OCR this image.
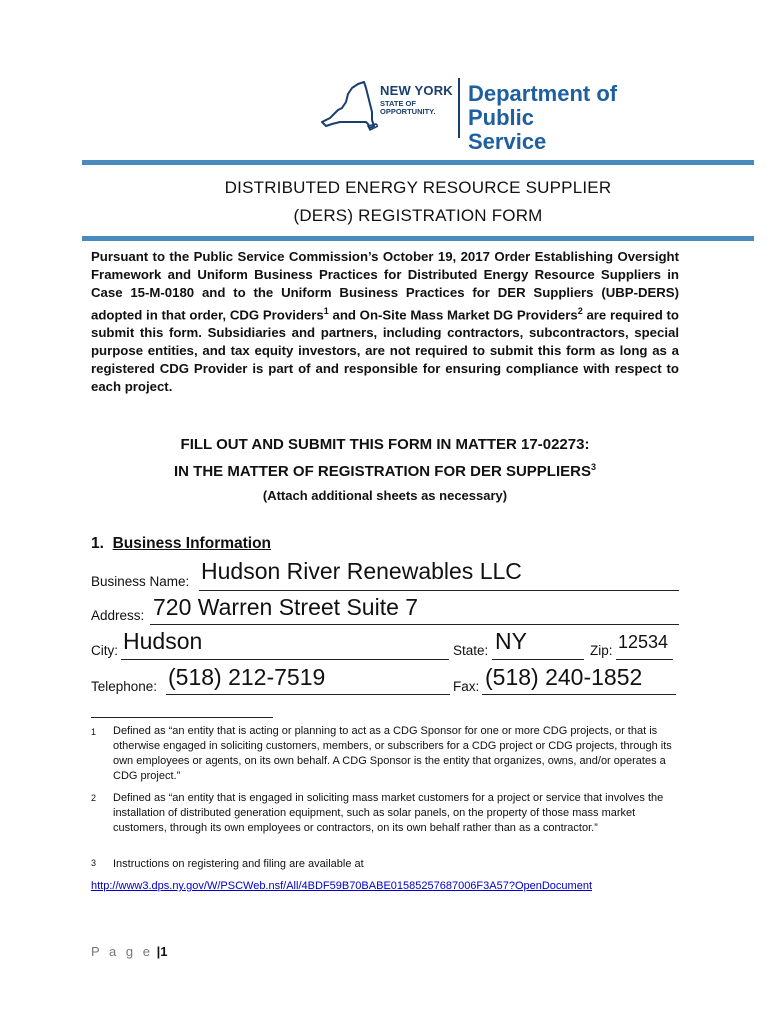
NEW YORK
STATE OF
OPPORTUNITY.
Department of
Public Service
DISTRIBUTED ENERGY RESOURCE SUPPLIER
(DERS) REGISTRATION FORM
Pursuant to the Public Service Commission’s October 19, 2017 Order Establishing Oversight Framework and Uniform Business Practices for Distributed Energy Resource Suppliers in Case 15-M-0180 and to the Uniform Business Practices for DER Suppliers (UBP-DERS) adopted in that order, CDG Providers$^1$ and On-Site Mass Market DG Providers$^2$ are required to submit this form. Subsidiaries and partners, including contractors, subcontractors, special purpose entities, and tax equity investors, are not required to submit this form as long as a registered CDG Provider is part of and responsible for ensuring compliance with respect to each project.
FILL OUT AND SUBMIT THIS FORM IN MATTER 17-02273:
IN THE MATTER OF REGISTRATION FOR DER SUPPLIERS$^3$
(Attach additional sheets as necessary)
1. Business Information
Business Name: Hudson River Renewables LLC
Address: 720 Warren Street Suite 7
City: Hudson	State: NY	Zip: 12534
Telephone: (518) 212-7519	Fax: (518) 240-1852
1 Defined as “an entity that is acting or planning to act as a CDG Sponsor for one or more CDG projects, or that is otherwise engaged in soliciting customers, members, or subscribers for a CDG project or CDG projects, through its own employees or agents, on its own behalf. A CDG Sponsor is the entity that organizes, owns, and/or operates a CDG project.”
2 Defined as “an entity that is engaged in soliciting mass market customers for a project or service that involves the installation of distributed generation equipment, such as solar panels, on the property of those mass market customers, through its own employees or contractors, on its own behalf rather than as a contractor.”
3 Instructions on registering and filing are available at
http://www3.dps.ny.gov/W/PSCWeb.nsf/All/4BDF59B70BABE01585257687006F3A57?OpenDocument
P a g e |1
